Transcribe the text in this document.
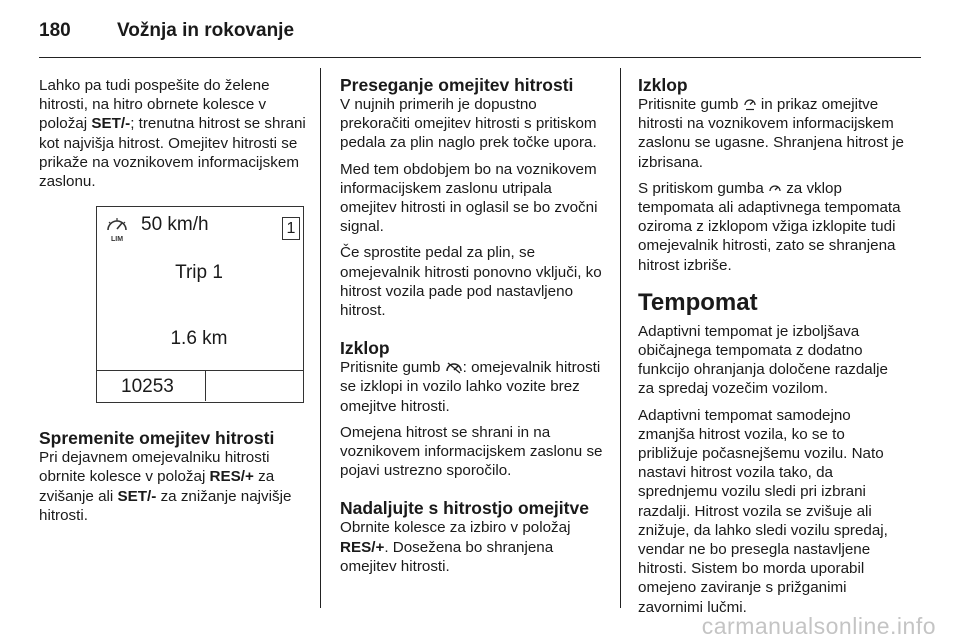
180 Vožnja in rokovanje

Lahko pa tudi pospešite do želene hitrosti, na hitro obrnete kolesce v položaj SET/-; trenutna hitrost se shrani kot najvišja hitrost. Omejitev hitrosti se prikaže na voznikovem informacijskem zaslonu.

LIM
50 km/h	1
Trip 1
1.6 km
10253
Spremenite omejitev hitrosti

Pri dejavnem omejevalniku hitrosti obrnite kolesce v položaj RES/+ za zvišanje ali SET/- za znižanje najvišje hitrosti.

Preseganje omejitev hitrosti

V nujnih primerih je dopustno prekoračiti omejitev hitrosti s pritiskom pedala za plin naglo prek točke upora.

Med tem obdobjem bo na voznikovem informacijskem zaslonu utripala omejitev hitrosti in oglasil se bo zvočni signal.

Če sprostite pedal za plin, se omejevalnik hitrosti ponovno vključi, ko hitrost vozila pade pod nastavljeno hitrost.

Izklop

Pritisnite gumb : omejevalnik hitrosti se izklopi in vozilo lahko vozite brez omejitve hitrosti.

Omejena hitrost se shrani in na voznikovem informacijskem zaslonu se pojavi ustrezno sporočilo.

Nadaljujte s hitrostjo omejitve

Obrnite kolesce za izbiro v položaj RES/+. Dosežena bo shranjena omejitev hitrosti.

Izklop

Pritisnite gumb  in prikaz omejitve hitrosti na voznikovem informacijskem zaslonu se ugasne. Shranjena hitrost je izbrisana.

S pritiskom gumba  za vklop tempomata ali adaptivnega tempomata oziroma z izklopom vžiga izklopite tudi omejevalnik hitrosti, zato se shranjena hitrost izbriše.

Tempomat

Adaptivni tempomat je izboljšava običajnega tempomata z dodatno funkcijo ohranjanja določene razdalje za spredaj vozečim vozilom.

Adaptivni tempomat samodejno zmanjša hitrost vozila, ko se to približuje počasnejšemu vozilu. Nato nastavi hitrost vozila tako, da sprednjemu vozilu sledi pri izbrani razdalji. Hitrost vozila se zvišuje ali znižuje, da lahko sledi vozilu spredaj, vendar ne bo presegla nastavljene hitrosti. Sistem bo morda uporabil omejeno zaviranje s prižganimi zavornimi lučmi.

carmanualsonline.info
